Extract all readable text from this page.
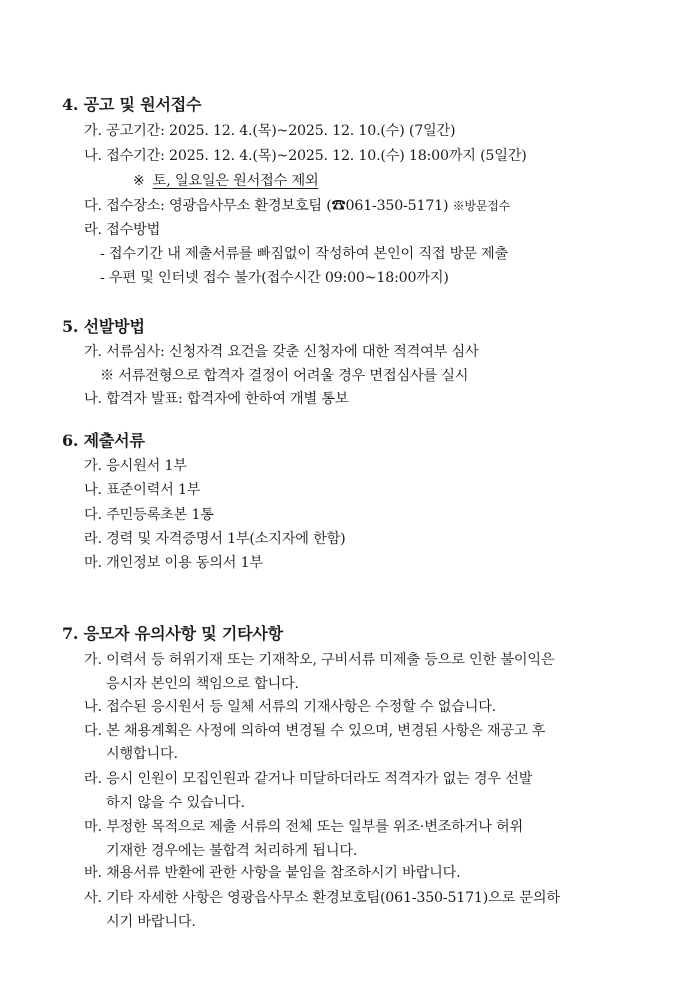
4. 공고 및 원서접수
가. 공고기간: 2025. 12. 4.(목)~2025. 12. 10.(수) (7일간)
나. 접수기간: 2025. 12. 4.(목)~2025. 12. 10.(수) 18:00까지 (5일간)
※ 토, 일요일은 원서접수 제외
다. 접수장소: 영광읍사무소 환경보호팀 (☎061-350-5171) ※방문접수
라. 접수방법
- 접수기간 내 제출서류를 빠짐없이 작성하여 본인이 직접 방문 제출
- 우편 및 인터넷 접수 불가(접수시간 09:00~18:00까지)
5. 선발방법
가. 서류심사: 신청자격 요건을 갖춘 신청자에 대한 적격여부 심사
※ 서류전형으로 합격자 결정이 어려울 경우 면접심사를 실시
나. 합격자 발표: 합격자에 한하여 개별 통보
6. 제출서류
가. 응시원서 1부
나. 표준이력서 1부
다. 주민등록초본 1통
라. 경력 및 자격증명서 1부(소지자에 한함)
마. 개인정보 이용 동의서 1부
7. 응모자 유의사항 및 기타사항
가. 이력서 등 허위기재 또는 기재착오, 구비서류 미제출 등으로 인한 불이익은
응시자 본인의 책임으로 합니다.
나. 접수된 응시원서 등 일체 서류의 기재사항은 수정할 수 없습니다.
다. 본 채용계획은 사정에 의하여 변경될 수 있으며, 변경된 사항은 재공고 후
시행합니다.
라. 응시 인원이 모집인원과 같거나 미달하더라도 적격자가 없는 경우 선발
하지 않을 수 있습니다.
마. 부정한 목적으로 제출 서류의 전체 또는 일부를 위조·변조하거나 허위
기재한 경우에는 불합격 처리하게 됩니다.
바. 채용서류 반환에 관한 사항을 붙임을 참조하시기 바랍니다.
사. 기타 자세한 사항은 영광읍사무소 환경보호팀(061-350-5171)으로 문의하
시기 바랍니다.
